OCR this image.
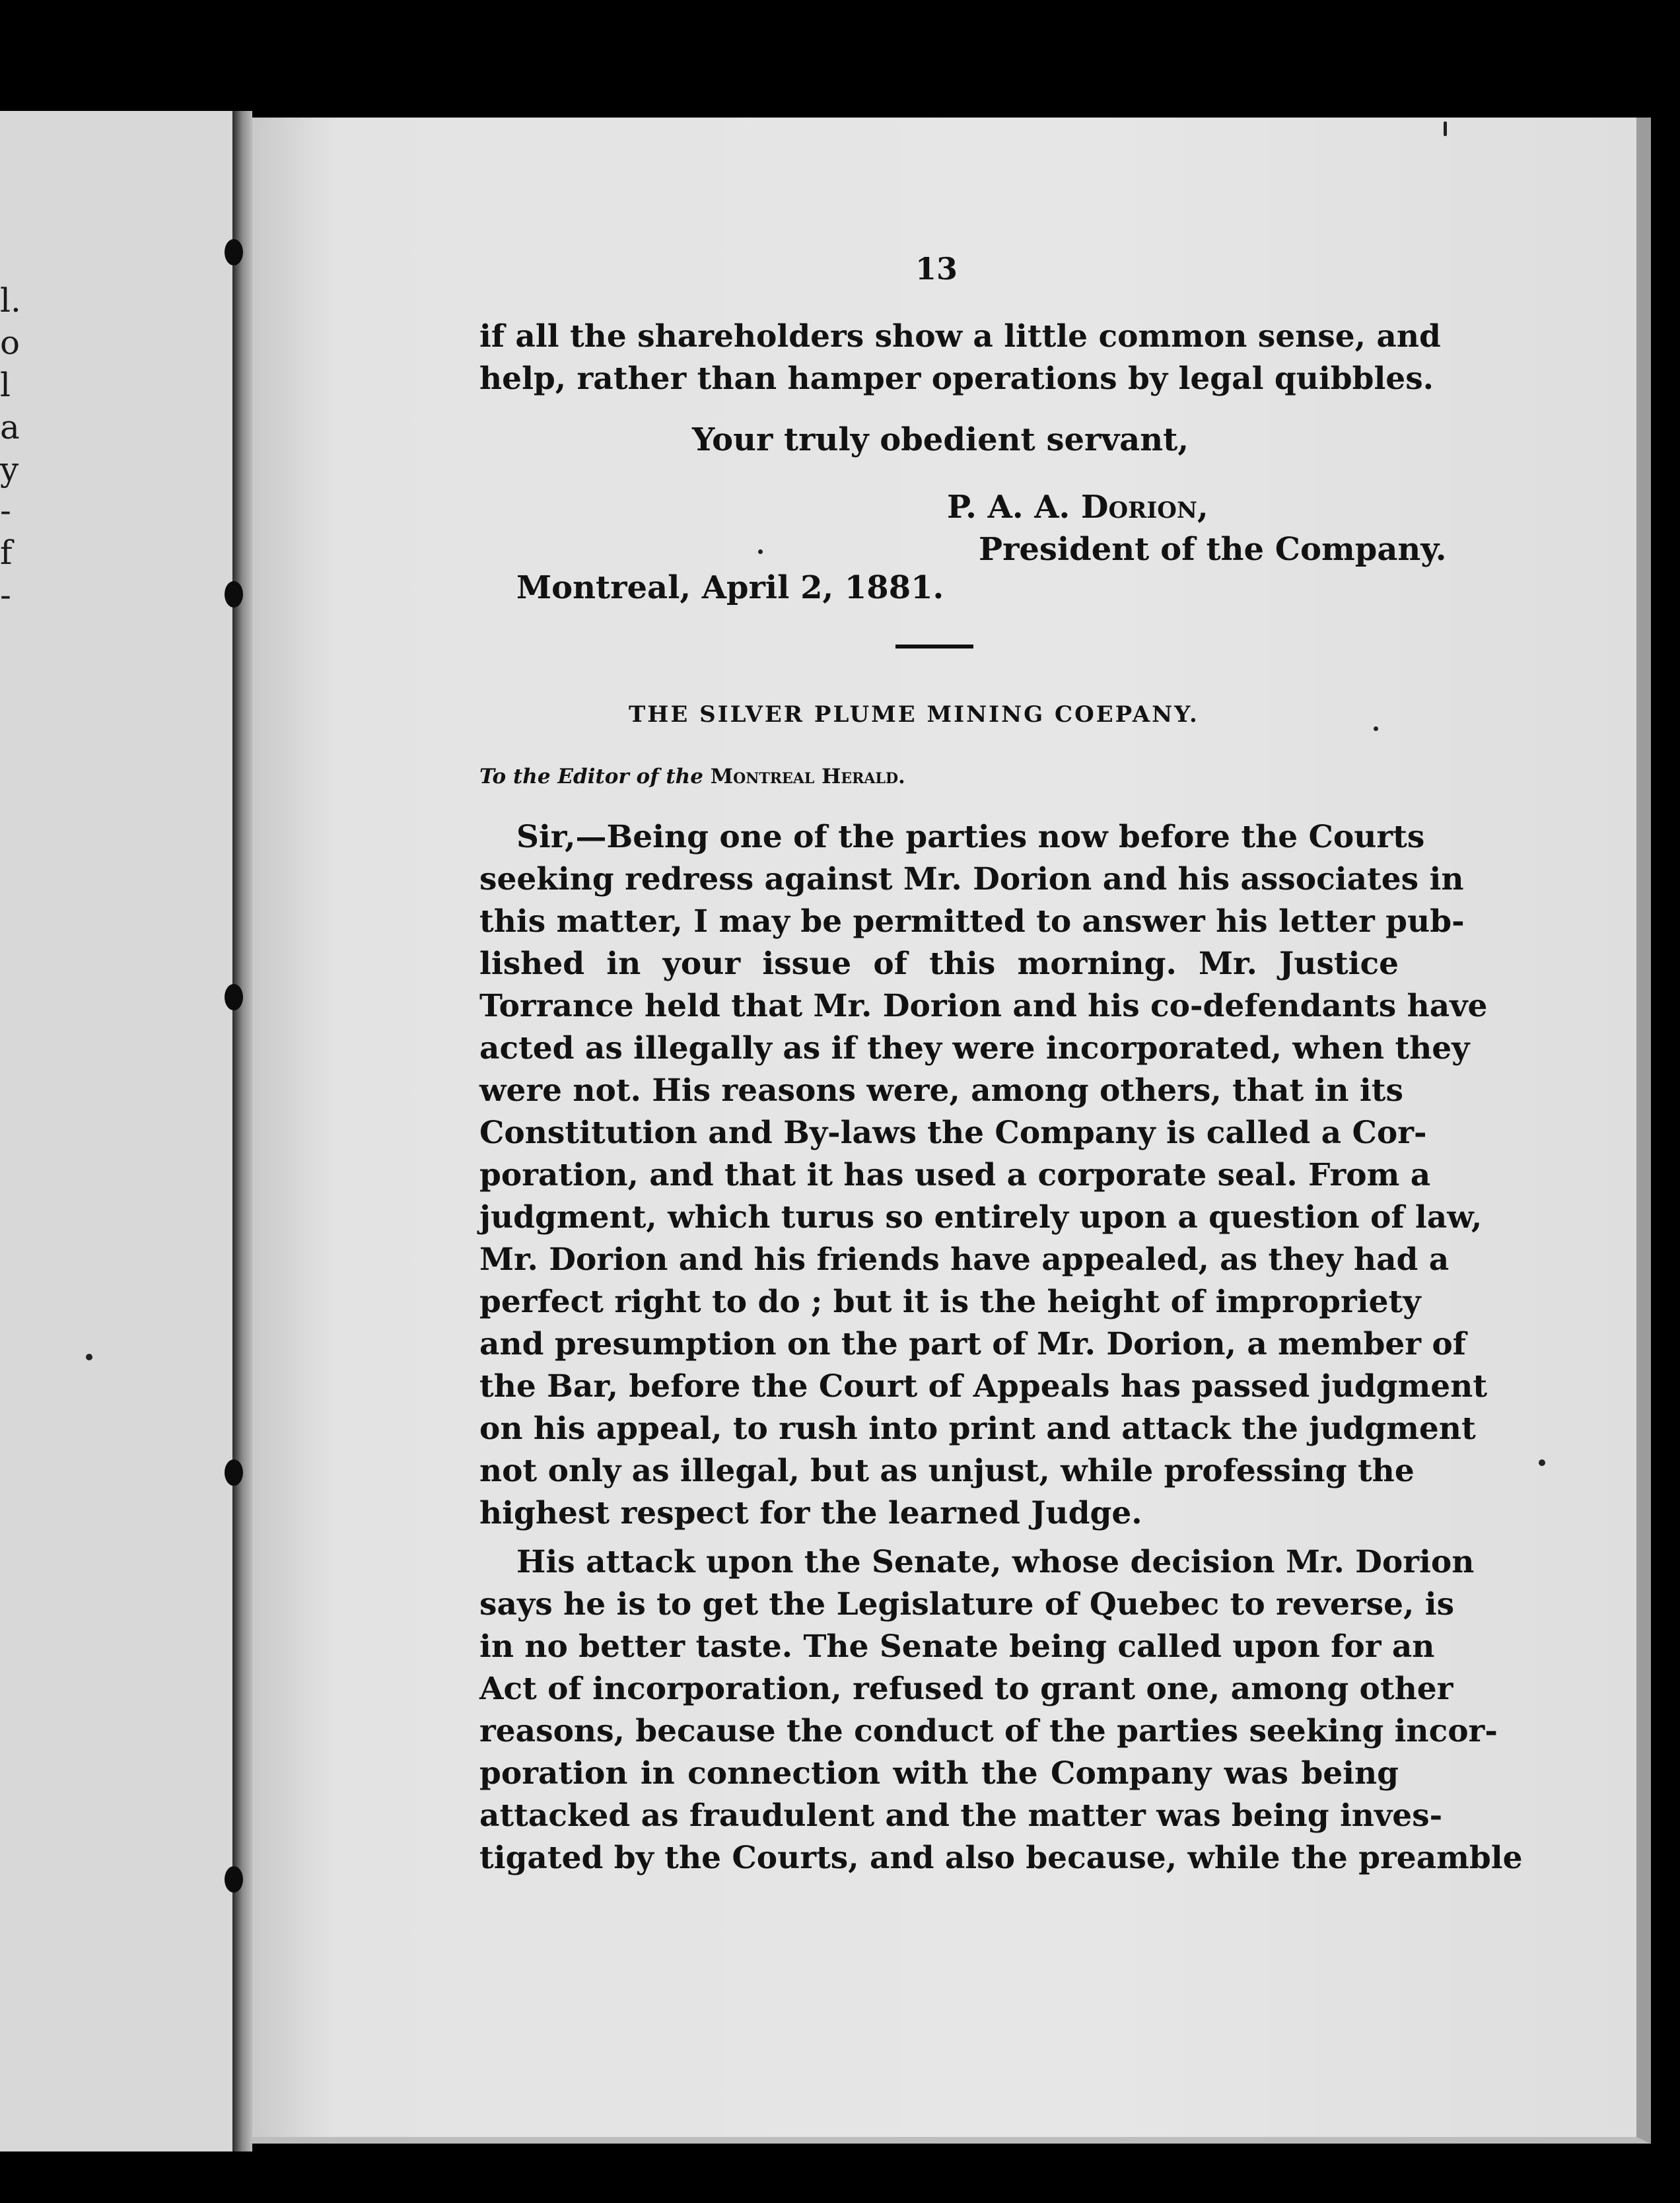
l.
o
l
a
y
-
f
-

13

if all the shareholders show a little common sense, and

help, rather than hamper operations by legal quibbles.

Your truly obedient servant,

P. A. A. Dorion,

President of the Company.

Montreal, April 2, 1881.

THE SILVER PLUME MINING COEPANY.

To the Editor of the Montreal Herald.

Sir,—Being one of the parties now before the Courts

seeking redress against Mr. Dorion and his associates in

this matter, I may be permitted to answer his letter pub-

lished in your issue of this morning. Mr. Justice

Torrance held that Mr. Dorion and his co-defendants have

acted as illegally as if they were incorporated, when they

were not. His reasons were, among others, that in its

Constitution and By-laws the Company is called a Cor-

poration, and that it has used a corporate seal. From a

judgment, which turus so entirely upon a question of law,

Mr. Dorion and his friends have appealed, as they had a

perfect right to do ; but it is the height of impropriety

and presumption on the part of Mr. Dorion, a member of

the Bar, before the Court of Appeals has passed judgment

on his appeal, to rush into print and attack the judgment

not only as illegal, but as unjust, while professing the

highest respect for the learned Judge.

His attack upon the Senate, whose decision Mr. Dorion

says he is to get the Legislature of Quebec to reverse, is

in no better taste. The Senate being called upon for an

Act of incorporation, refused to grant one, among other

reasons, because the conduct of the parties seeking incor-

poration in connection with the Company was being

attacked as fraudulent and the matter was being inves-

tigated by the Courts, and also because, while the preamble
